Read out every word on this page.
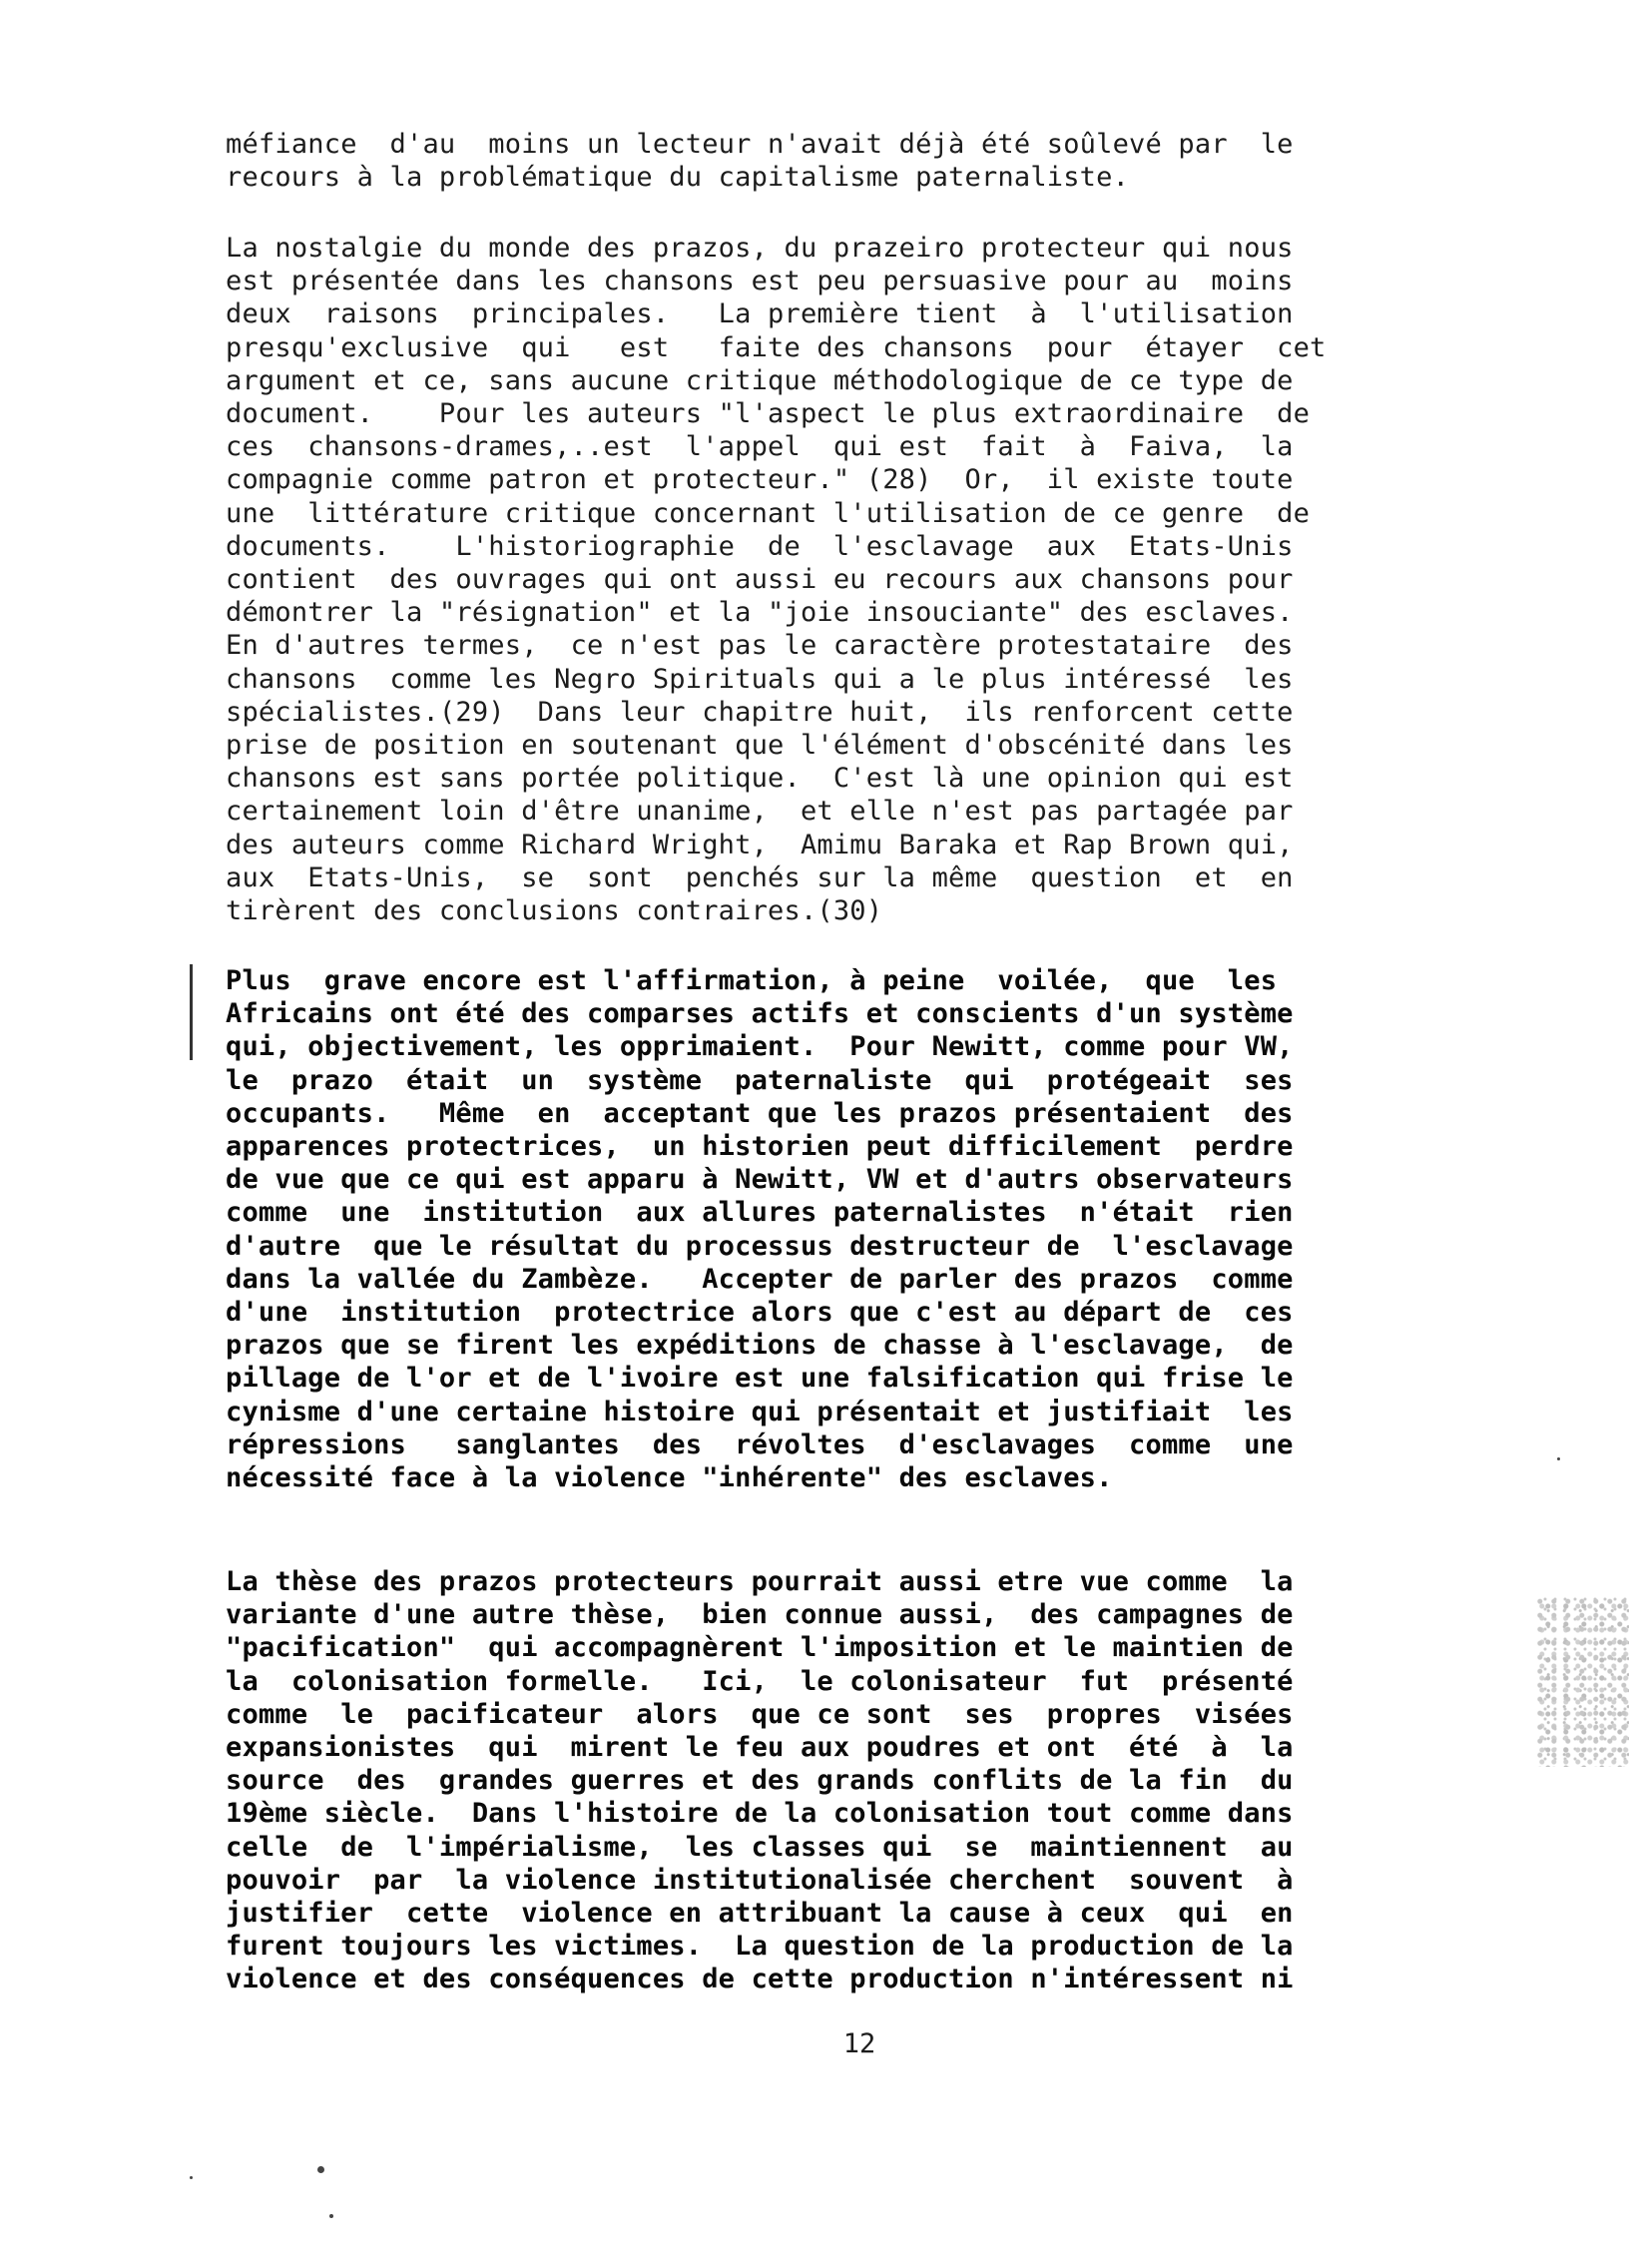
méfiance  d'au  moins un lecteur n'avait déjà été soûlevé par  le
recours à la problématique du capitalisme paternaliste.

La nostalgie du monde des prazos, du prazeiro protecteur qui nous
est présentée dans les chansons est peu persuasive pour au  moins
deux  raisons  principales.   La première tient  à  l'utilisation
presqu'exclusive  qui   est   faite des chansons  pour  étayer  cet
argument et ce, sans aucune critique méthodologique de ce type de
document.    Pour les auteurs "l'aspect le plus extraordinaire  de
ces  chansons-drames,..est  l'appel  qui est  fait  à  Faiva,  la
compagnie comme patron et protecteur." (28)  Or,  il existe toute
une  littérature critique concernant l'utilisation de ce genre  de
documents.    L'historiographie  de  l'esclavage  aux  Etats-Unis
contient  des ouvrages qui ont aussi eu recours aux chansons pour
démontrer la "résignation" et la "joie insouciante" des esclaves.
En d'autres termes,  ce n'est pas le caractère protestataire  des
chansons  comme les Negro Spirituals qui a le plus intéressé  les
spécialistes.(29)  Dans leur chapitre huit,  ils renforcent cette
prise de position en soutenant que l'élément d'obscénité dans les
chansons est sans portée politique.  C'est là une opinion qui est
certainement loin d'être unanime,  et elle n'est pas partagée par
des auteurs comme Richard Wright,  Amimu Baraka et Rap Brown qui,
aux  Etats-Unis,  se  sont  penchés sur la même  question  et  en
tirèrent des conclusions contraires.(30)

Plus  grave encore est l'affirmation, à peine  voilée,  que  les
Africains ont été des comparses actifs et conscients d'un système
qui, objectivement, les opprimaient.  Pour Newitt, comme pour VW,
le  prazo  était  un  système  paternaliste  qui  protégeait  ses
occupants.   Même  en  acceptant que les prazos présentaient  des
apparences protectrices,  un historien peut difficilement  perdre
de vue que ce qui est apparu à Newitt, VW et d'autrs observateurs
comme  une  institution  aux allures paternalistes  n'était  rien
d'autre  que le résultat du processus destructeur de  l'esclavage
dans la vallée du Zambèze.   Accepter de parler des prazos  comme
d'une  institution  protectrice alors que c'est au départ de  ces
prazos que se firent les expéditions de chasse à l'esclavage,  de
pillage de l'or et de l'ivoire est une falsification qui frise le
cynisme d'une certaine histoire qui présentait et justifiait  les
répressions   sanglantes  des  révoltes  d'esclavages  comme  une
nécessité face à la violence "inhérente" des esclaves.

La thèse des prazos protecteurs pourrait aussi etre vue comme  la
variante d'une autre thèse,  bien connue aussi,  des campagnes de
"pacification"  qui accompagnèrent l'imposition et le maintien de
la  colonisation formelle.   Ici,  le colonisateur  fut  présenté
comme  le  pacificateur  alors  que ce sont  ses  propres  visées
expansionistes  qui  mirent le feu aux poudres et ont  été  à  la
source  des  grandes guerres et des grands conflits de la fin  du
19ème siècle.  Dans l'histoire de la colonisation tout comme dans
celle  de  l'impérialisme,  les classes qui  se  maintiennent  au
pouvoir  par  la violence institutionalisée cherchent  souvent  à
justifier  cette  violence en attribuant la cause à ceux  qui  en
furent toujours les victimes.  La question de la production de la
violence et des conséquences de cette production n'intéressent ni

12
